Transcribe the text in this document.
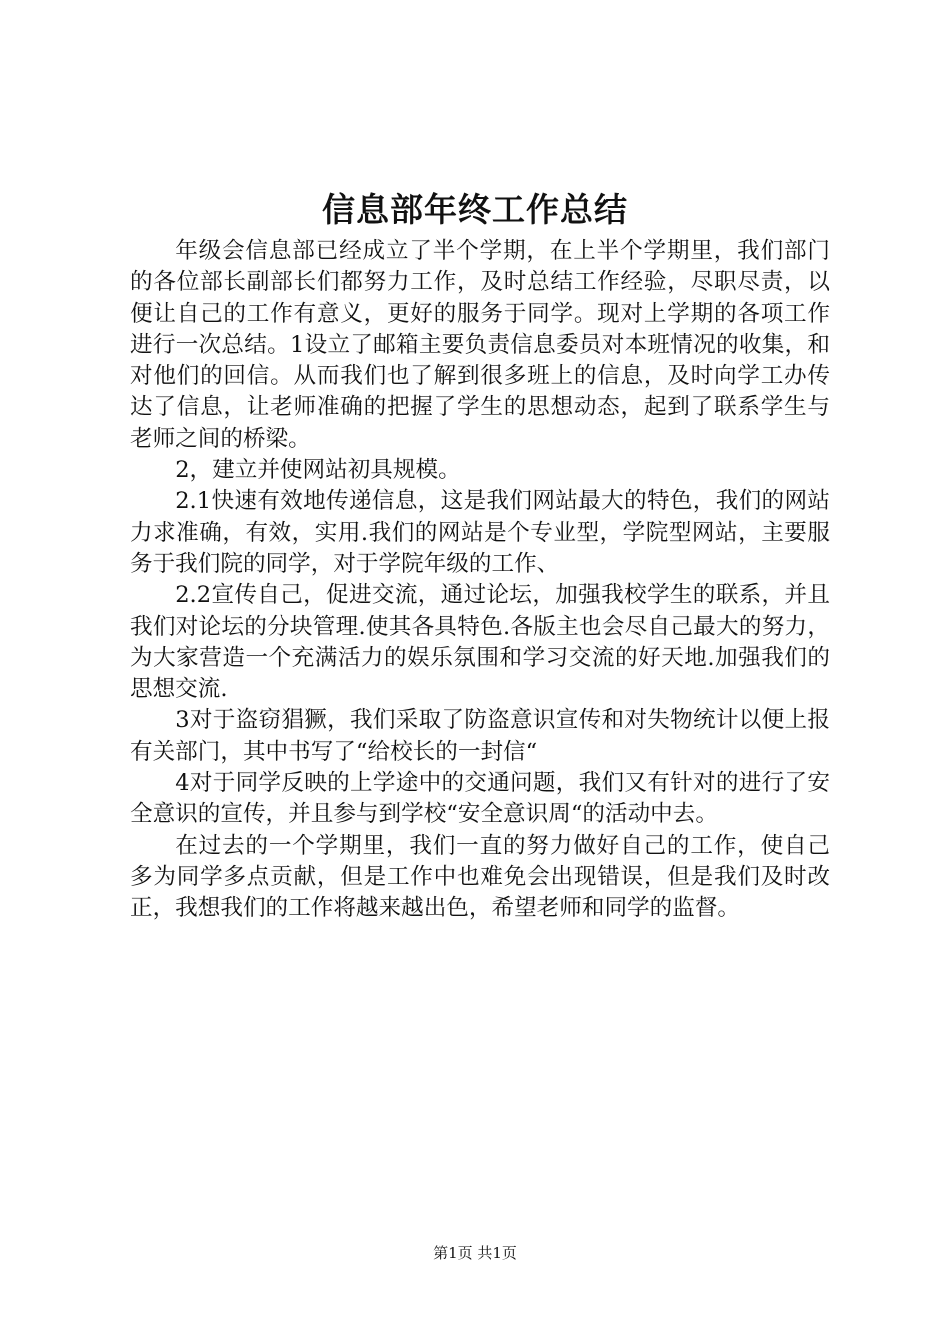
信息部年终工作总结

年级会信息部已经成立了半个学期，在上半个学期里，我们部门的各位部长副部长们都努力工作，及时总结工作经验，尽职尽责，以便让自己的工作有意义，更好的服务于同学。现对上学期的各项工作进行一次总结。1设立了邮箱主要负责信息委员对本班情况的收集，和对他们的回信。从而我们也了解到很多班上的信息，及时向学工办传达了信息，让老师准确的把握了学生的思想动态，起到了联系学生与老师之间的桥梁。

2，建立并使网站初具规模。

2.1快速有效地传递信息，这是我们网站最大的特色，我们的网站力求准确，有效，实用.我们的网站是个专业型，学院型网站，主要服务于我们院的同学，对于学院年级的工作、

2.2宣传自己，促进交流，通过论坛，加强我校学生的联系，并且我们对论坛的分块管理.使其各具特色.各版主也会尽自己最大的努力，为大家营造一个充满活力的娱乐氛围和学习交流的好天地.加强我们的思想交流.

3对于盗窃猖獗，我们采取了防盗意识宣传和对失物统计以便上报有关部门，其中书写了“给校长的一封信“

4对于同学反映的上学途中的交通问题，我们又有针对的进行了安全意识的宣传，并且参与到学校“安全意识周“的活动中去。

在过去的一个学期里，我们一直的努力做好自己的工作，使自己多为同学多点贡献，但是工作中也难免会出现错误，但是我们及时改正，我想我们的工作将越来越出色，希望老师和同学的监督。

第1页 共1页
